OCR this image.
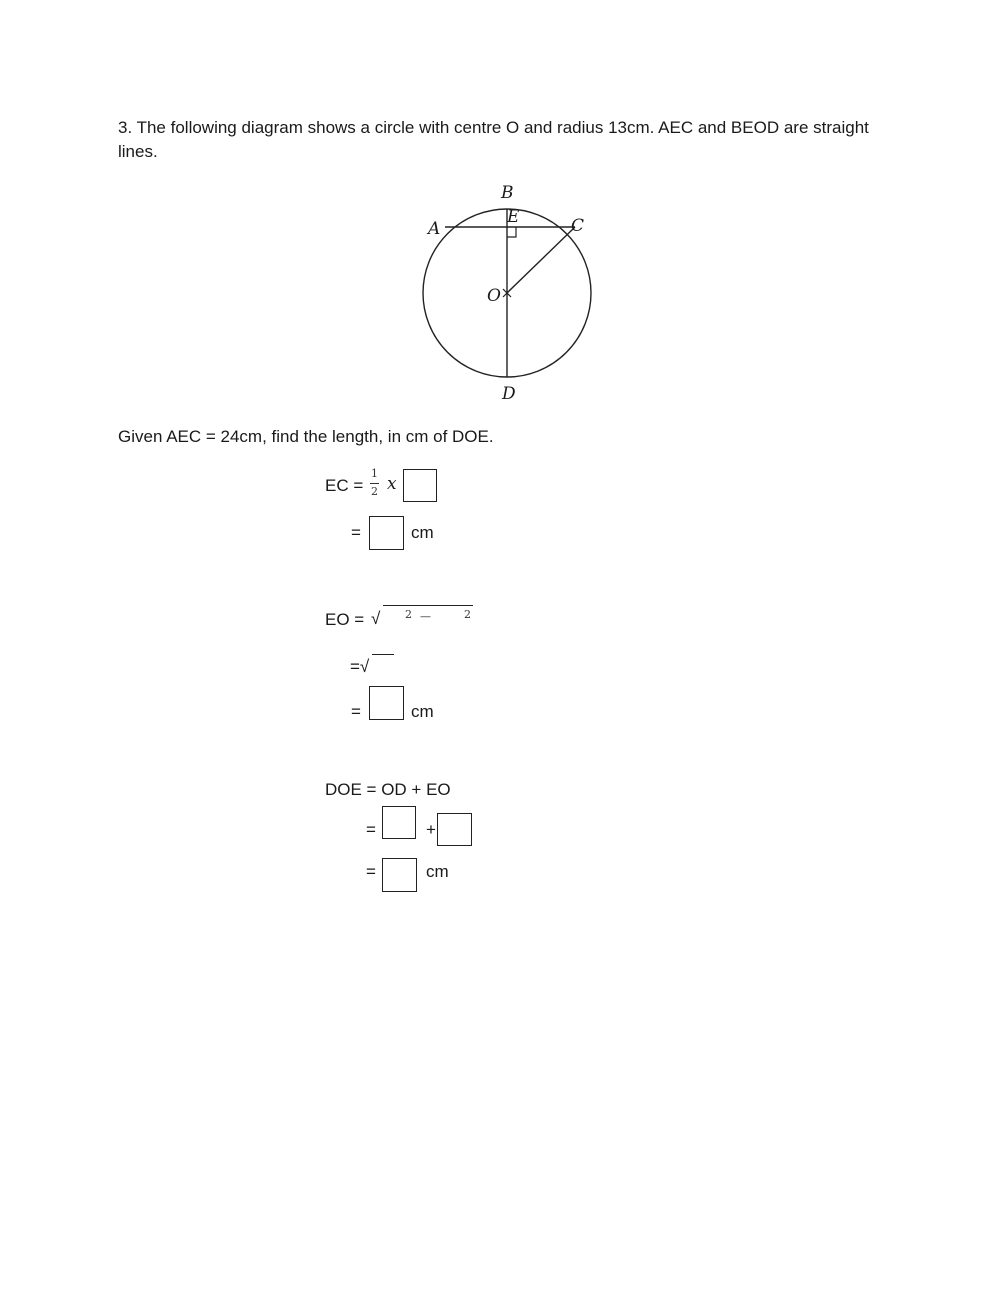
3. The following diagram shows a circle with centre O and radius 13cm. AEC and BEOD are straight lines.
B
E
A	C
O
D
Given AEC = 24cm, find the length, in cm of DOE.
EC =
1
2 x
=	cm
EO = √ 2 —	2
=√
=	cm
DOE = OD + EO
=	+
=	cm
